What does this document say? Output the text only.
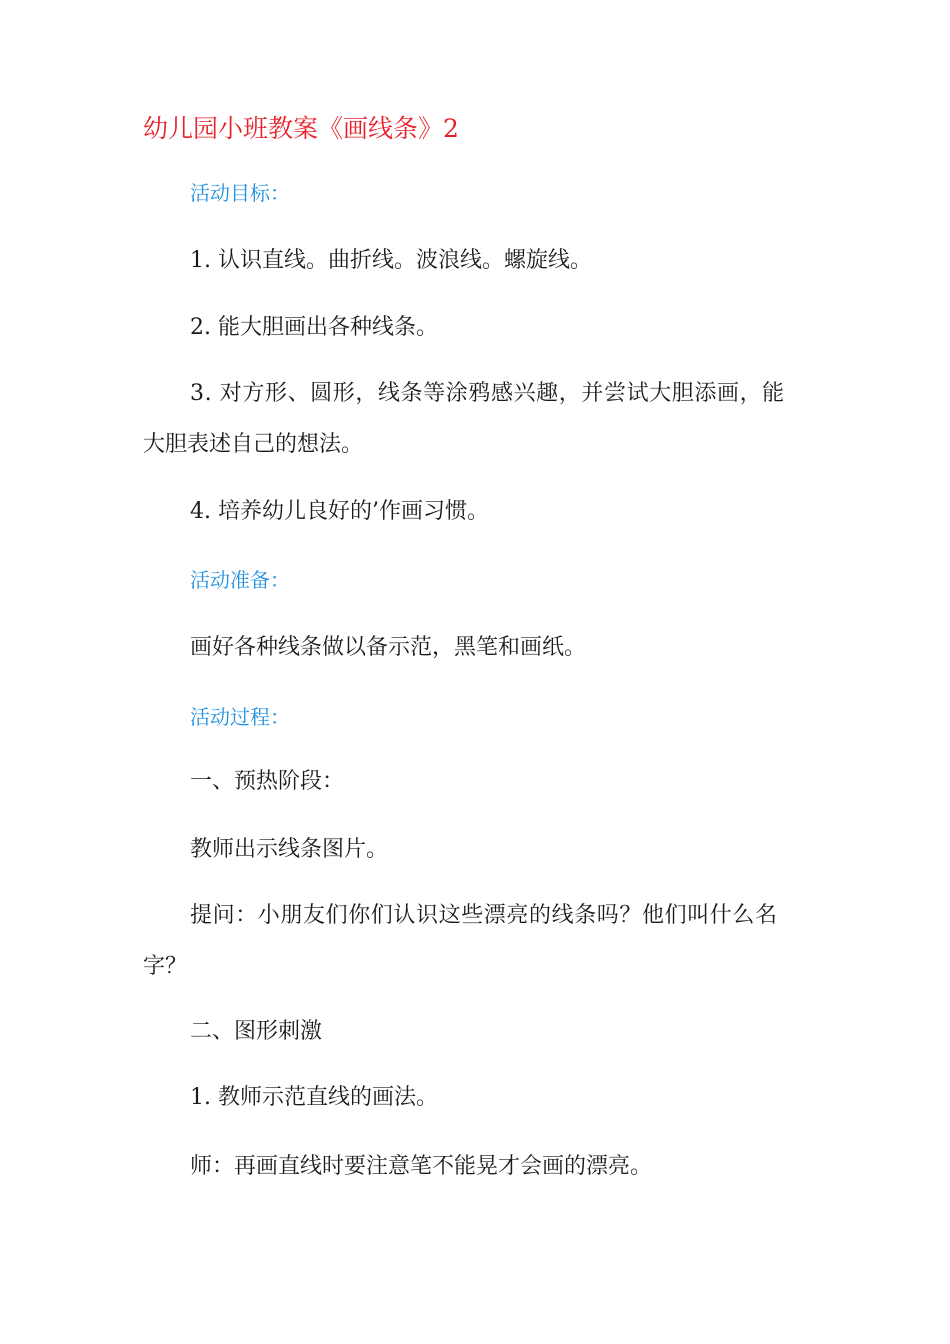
幼儿园小班教案《画线条》2
活动目标：
1. 认识直线。曲折线。波浪线。螺旋线。
2. 能大胆画出各种线条。
3. 对方形、圆形，线条等涂鸦感兴趣，并尝试大胆添画，能
大胆表述自己的想法。
4. 培养幼儿良好的’作画习惯。
活动准备：
画好各种线条做以备示范，黑笔和画纸。
活动过程：
一、预热阶段：
教师出示线条图片。
提问：小朋友们你们认识这些漂亮的线条吗？他们叫什么名
字？
二、图形刺激
1. 教师示范直线的画法。
师：再画直线时要注意笔不能晃才会画的漂亮。
